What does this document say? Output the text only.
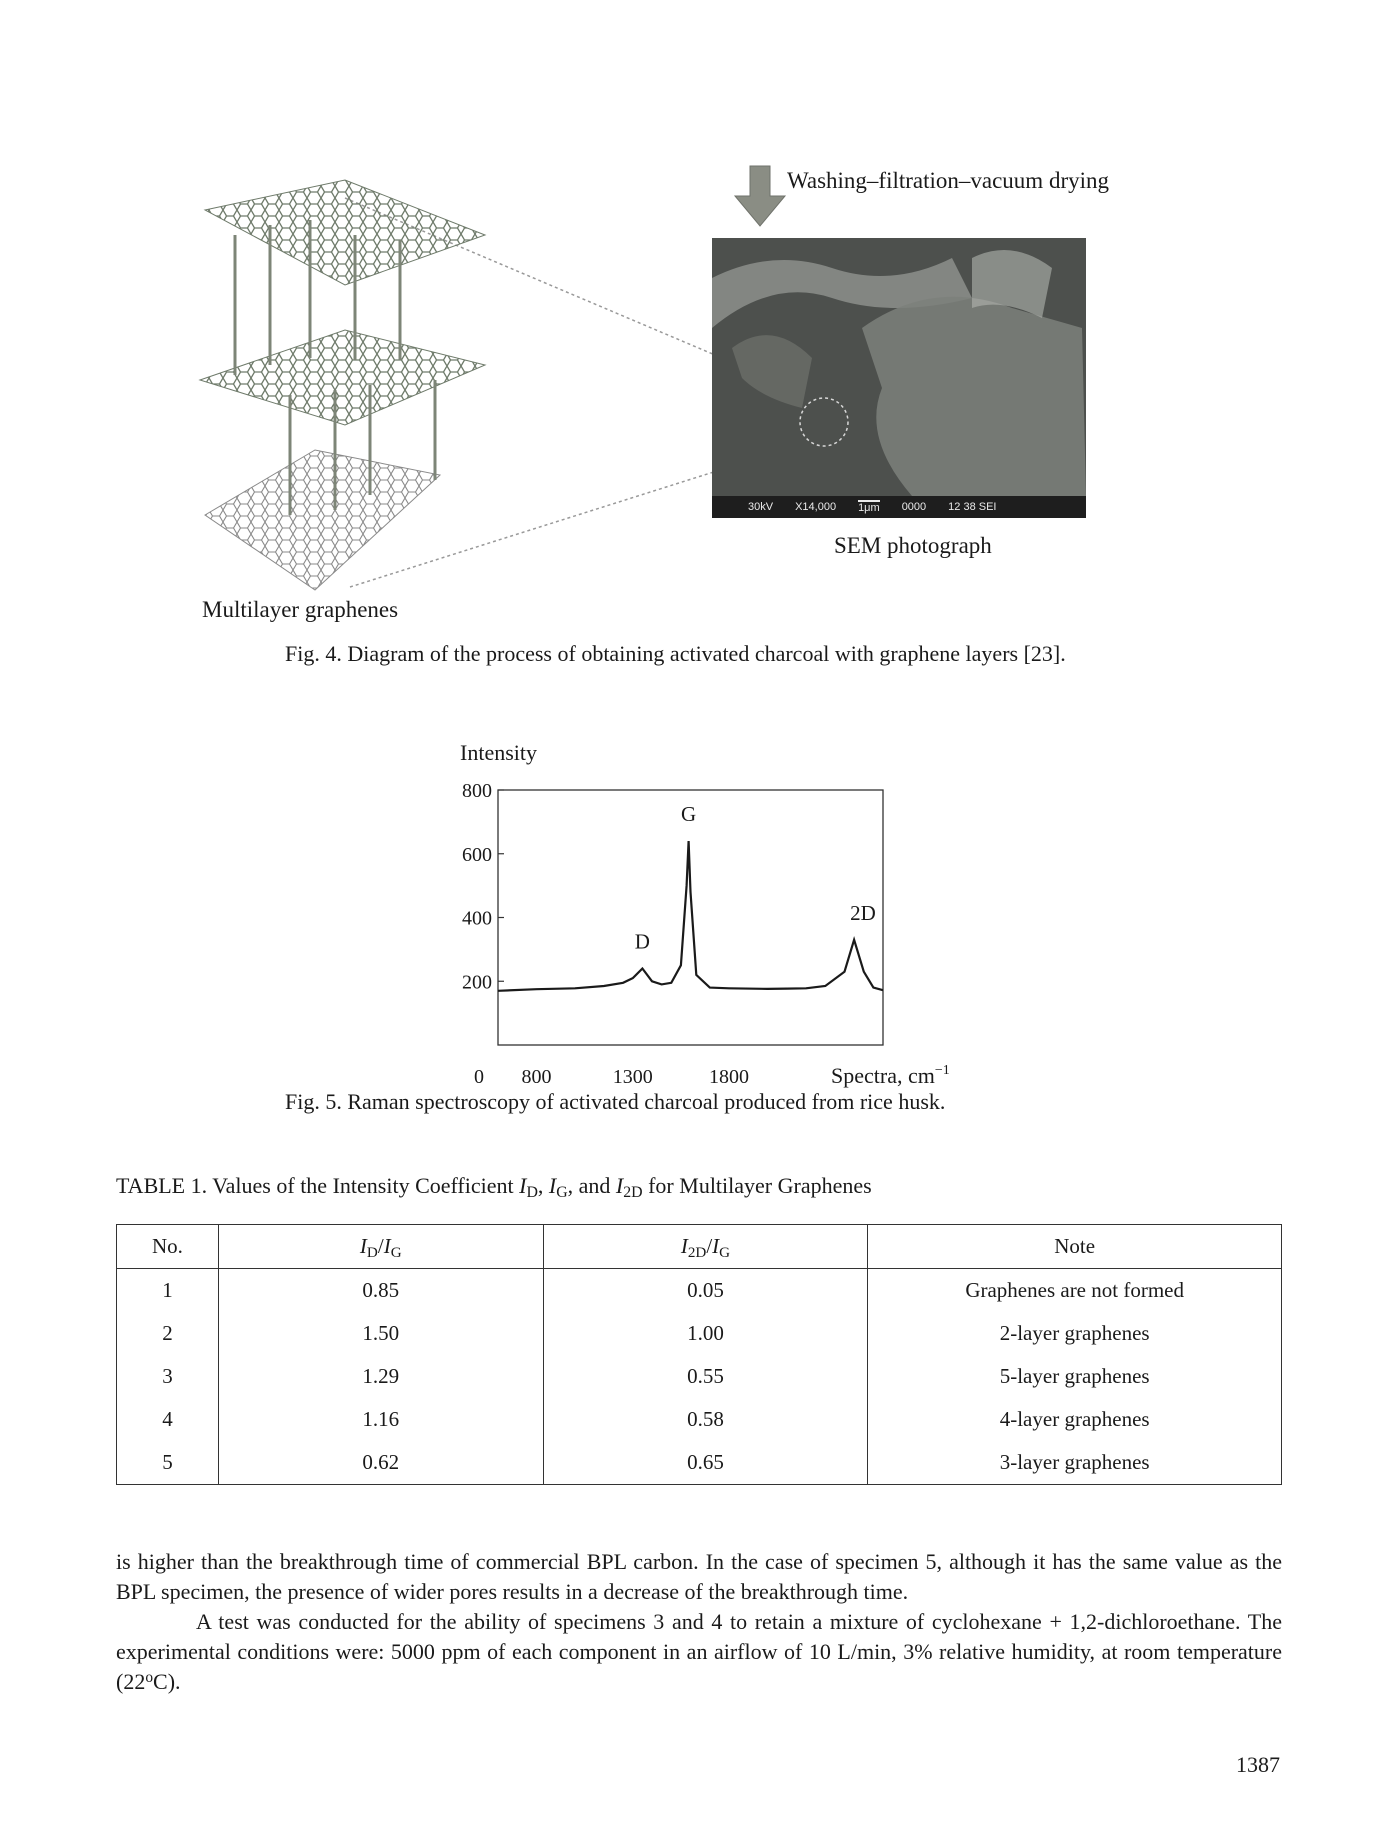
Washing–filtration–vacuum drying
30kV X14,000 1μm 0000 12 38 SEI
SEM photograph
Multilayer graphenes
Fig. 4. Diagram of the process of obtaining activated charcoal with graphene layers [23].
Intensity
0
200
400
600
800
800	1300	1800
D
G
2D
Spectra, $cm^{-1}$
Fig. 5. Raman spectroscopy of activated charcoal produced from rice husk.
TABLE 1. Values of the Intensity Coefficient $I_D$, $I_G$, and $I_{2D}$ for Multilayer Graphenes
No.	$I_D/I_G$	$I_{2D}/I_G$	Note
1	0.85	0.05	Graphenes are not formed
2	1.50	1.00	2-layer graphenes
3	1.29	0.55	5-layer graphenes
4	1.16	0.58	4-layer graphenes
5	0.62	0.65	3-layer graphenes
is higher than the breakthrough time of commercial BPL carbon. In the case of specimen 5, although it has the same value as the BPL specimen, the presence of wider pores results in a decrease of the breakthrough time.
A test was conducted for the ability of specimens 3 and 4 to retain a mixture of cyclohexane + 1,2-dichloroethane. The experimental conditions were: 5000 ppm of each component in an airflow of 10 L/min, 3% relative humidity, at room temperature (22$^o$C).
1387
